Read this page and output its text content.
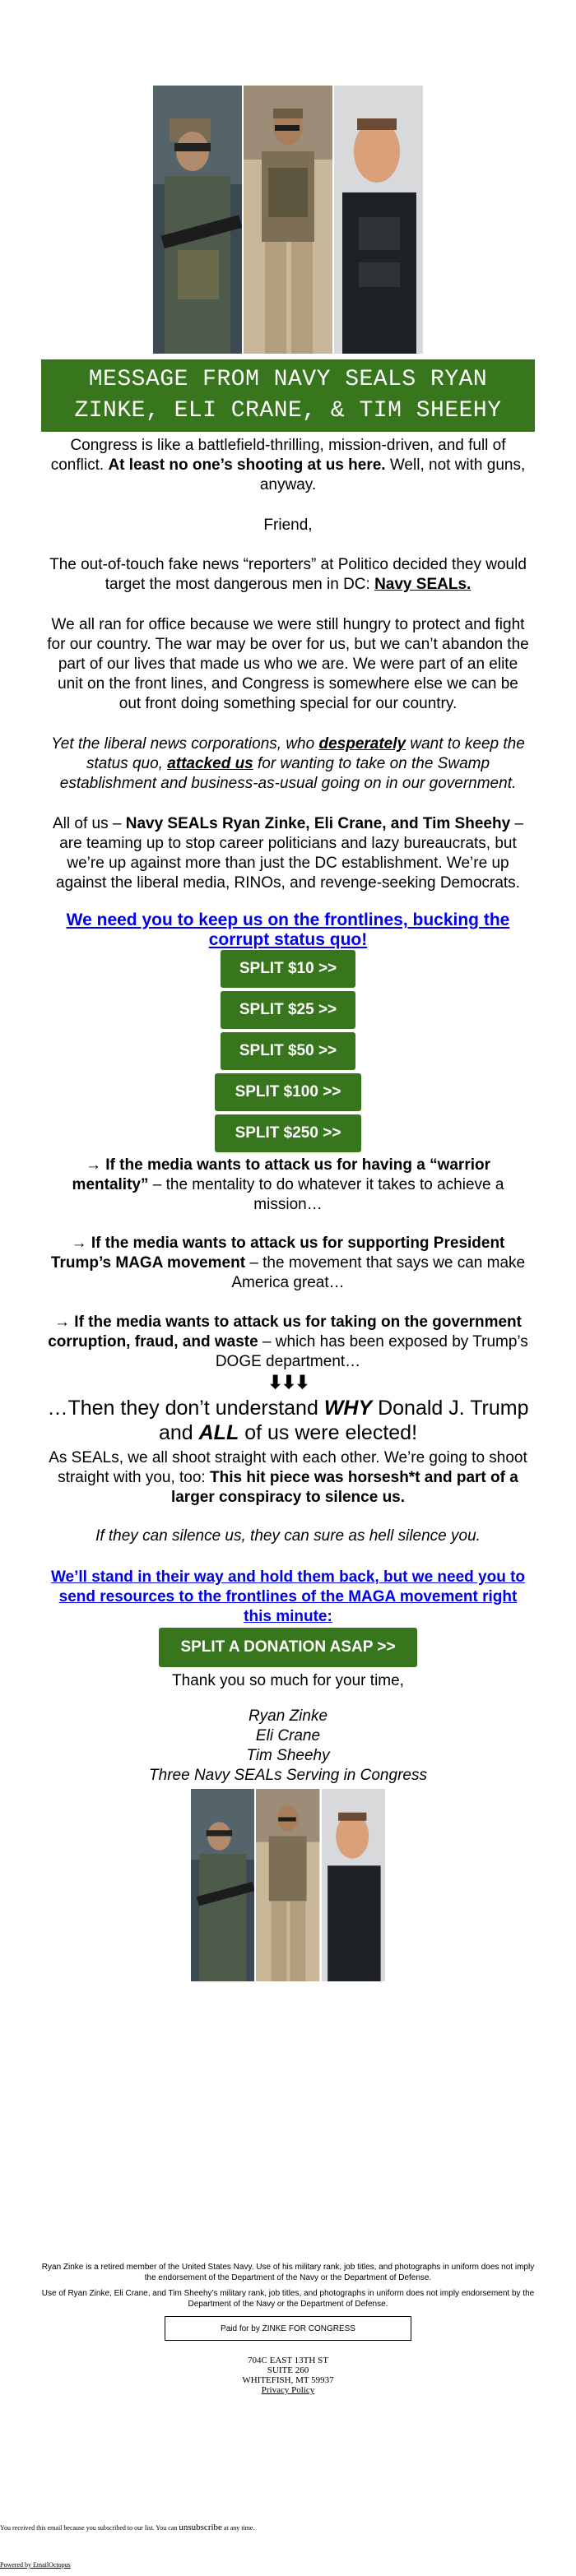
MESSAGE FROM NAVY SEALS RYAN ZINKE, ELI CRANE, & TIM SHEEHY

Congress is like a battlefield-thrilling, mission-driven, and full of conflict. At least no one’s shooting at us here. Well, not with guns, anyway.

Friend,

The out-of-touch fake news “reporters” at Politico decided they would target the most dangerous men in DC: Navy SEALs.

We all ran for office because we were still hungry to protect and fight for our country. The war may be over for us, but we can’t abandon the part of our lives that made us who we are. We were part of an elite unit on the front lines, and Congress is somewhere else we can be out front doing something special for our country.

Yet the liberal news corporations, who desperately want to keep the status quo, attacked us for wanting to take on the Swamp establishment and business-as-usual going on in our government.

All of us – Navy SEALs Ryan Zinke, Eli Crane, and Tim Sheehy – are teaming up to stop career politicians and lazy bureaucrats, but we’re up against more than just the DC establishment. We’re up against the liberal media, RINOs, and revenge-seeking Democrats.

We need you to keep us on the frontlines, bucking the corrupt status quo!
SPLIT $10 >>
SPLIT $25 >>
SPLIT $50 >>
SPLIT $100 >>
SPLIT $250 >>

→ If the media wants to attack us for having a “warrior mentality” – the mentality to do whatever it takes to achieve a mission…

→ If the media wants to attack us for supporting President Trump’s MAGA movement – the movement that says we can make America great…

→ If the media wants to attack us for taking on the government corruption, fraud, and waste – which has been exposed by Trump’s DOGE department…

⬇⬇⬇

…Then they don’t understand WHY Donald J. Trump and ALL of us were elected!

As SEALs, we all shoot straight with each other. We’re going to shoot straight with you, too: This hit piece was horsesh*t and part of a larger conspiracy to silence us.

If they can silence us, they can sure as hell silence you.

We’ll stand in their way and hold them back, but we need you to send resources to the frontlines of the MAGA movement right this minute:
SPLIT A DONATION ASAP >>

Thank you so much for your time,

Ryan Zinke

Eli Crane

Tim Sheehy

Three Navy SEALs Serving in Congress

Ryan Zinke is a retired member of the United States Navy. Use of his military rank, job titles, and photographs in uniform does not imply the endorsement of the Department of the Navy or the Department of Defense.

Use of Ryan Zinke, Eli Crane, and Tim Sheehy’s military rank, job titles, and photographs in uniform does not imply endorsement by the Department of the Navy or the Department of Defense.

Paid for by ZINKE FOR CONGRESS
704C EAST 13TH ST
SUITE 260
WHITEFISH, MT 59937
Privacy Policy
You received this email because you subscribed to our list. You can unsubscribe at any time.
Powered by EmailOctopus
